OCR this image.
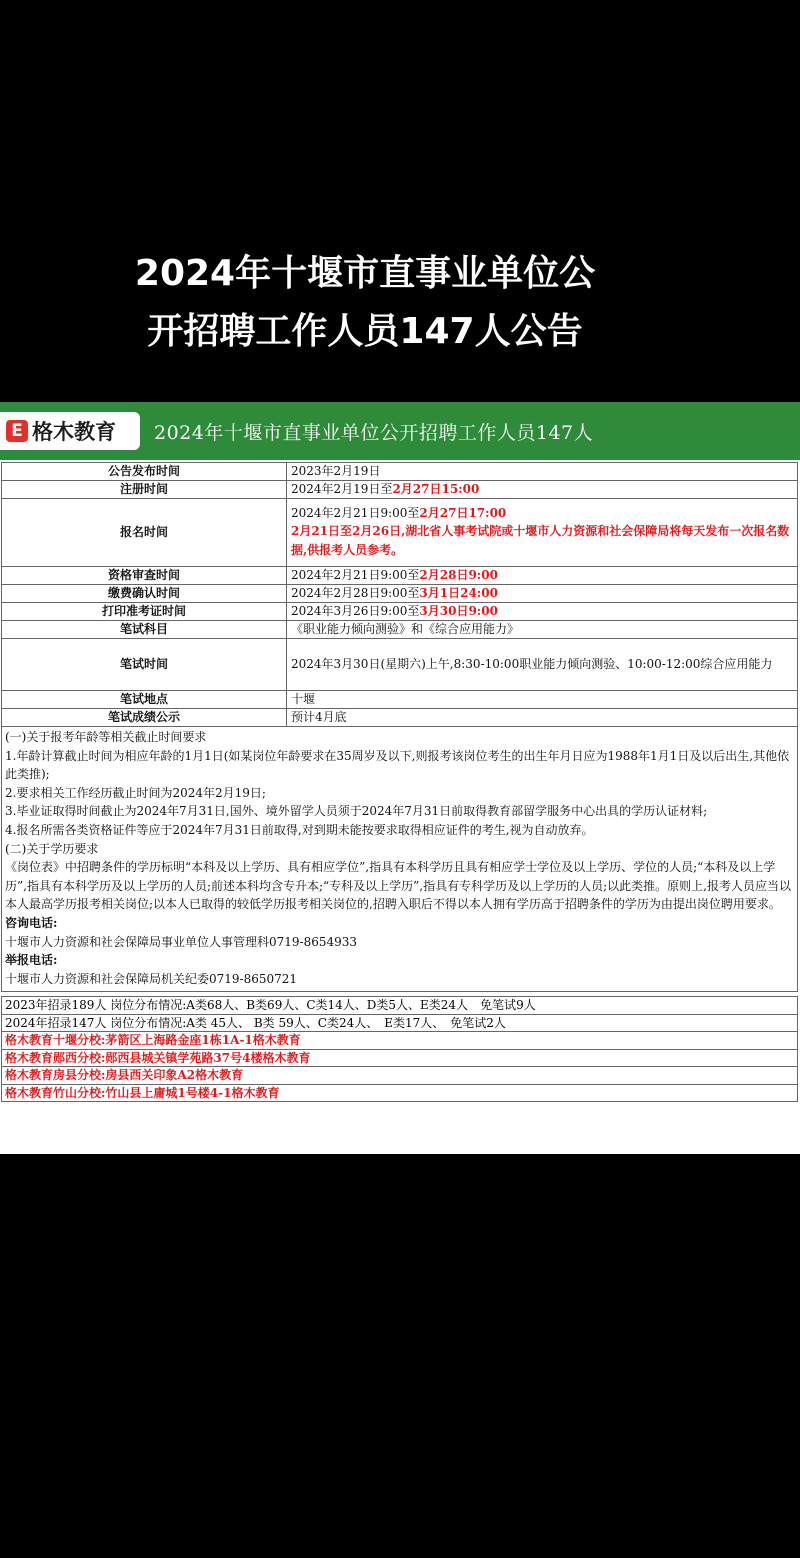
2024年十堰市直事业单位公
开招聘工作人员147人公告
E 格木教育 2024年十堰市直事业单位公开招聘工作人员147人
公告发布时间	2023年2月19日
注册时间	2024年2月19日至2月27日15:00
报名时间	2024年2月21日9:00至2月27日17:00
2月21日至2月26日,湖北省人事考试院或十堰市人力资源和社会保障局将每天发布一次报名数据,供报考人员参考。

资格审查时间	2024年2月21日9:00至2月28日9:00
缴费确认时间	2024年2月28日9:00至3月1日24:00
打印准考证时间	2024年3月26日9:00至3月30日9:00
笔试科目	《职业能力倾向测验》和《综合应用能力》
笔试时间	2024年3月30日(星期六)上午,8:30-10:00职业能力倾向测验、10:00-12:00综合应用能力
笔试地点	十堰
笔试成绩公示	预计4月底
(一)关于报考年龄等相关截止时间要求
1.年龄计算截止时间为相应年龄的1月1日(如某岗位年龄要求在35周岁及以下,则报考该岗位考生的出生年月日应为1988年1月1日及以后出生,其他依此类推);
2.要求相关工作经历截止时间为2024年2月19日;
3.毕业证取得时间截止为2024年7月31日,国外、境外留学人员须于2024年7月31日前取得教育部留学服务中心出具的学历认证材料;
4.报名所需各类资格证件等应于2024年7月31日前取得,对到期未能按要求取得相应证件的考生,视为自动放弃。
(二)关于学历要求
《岗位表》中招聘条件的学历标明“本科及以上学历、具有相应学位”,指具有本科学历且具有相应学士学位及以上学历、学位的人员;“本科及以上学历”,指具有本科学历及以上学历的人员;前述本科均含专升本;“专科及以上学历”,指具有专科学历及以上学历的人员;以此类推。原则上,报考人员应当以本人最高学历报考相关岗位;以本人已取得的较低学历报考相关岗位的,招聘入职后不得以本人拥有学历高于招聘条件的学历为由提出岗位聘用要求。
咨询电话:
十堰市人力资源和社会保障局事业单位人事管理科0719-8654933
举报电话:
十堰市人力资源和社会保障局机关纪委0719-8650721
2023年招录189人 岗位分布情况:A类68人、B类69人、C类14人、D类5人、E类24人　免笔试9人
2024年招录147人 岗位分布情况:A类 45人、 B类 59人、C类24人、　E类17人、　免笔试2人
格木教育十堰分校:茅箭区上海路金座1栋1A-1格木教育
格木教育郧西分校:郧西县城关镇学苑路37号4楼格木教育
格木教育房县分校:房县西关印象A2格木教育
格木教育竹山分校:竹山县上庸城1号楼4-1格木教育
